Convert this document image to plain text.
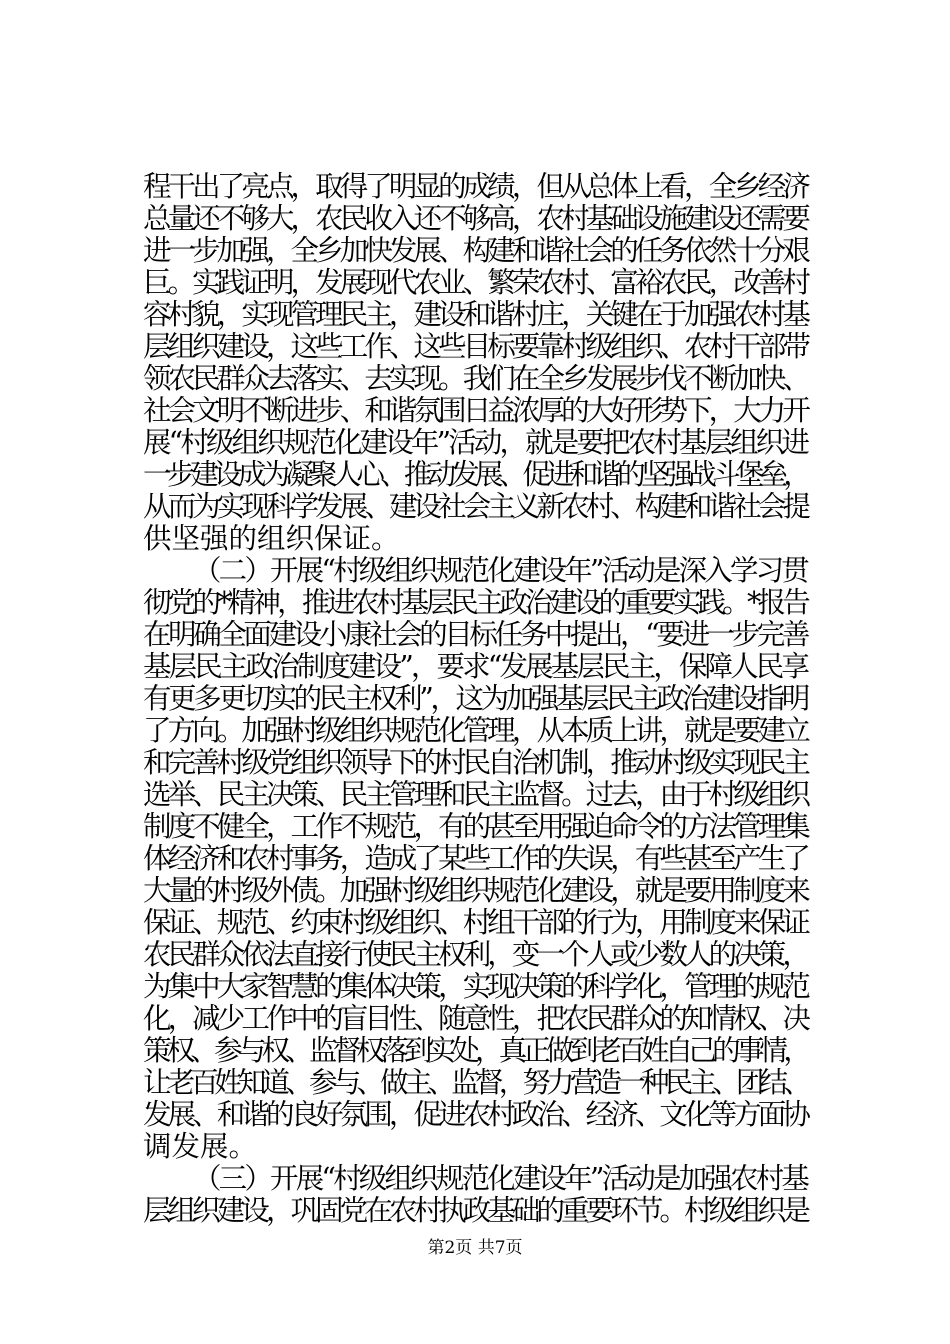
程干出了亮点，取得了明显的成绩，但从总体上看，全乡经济
总量还不够大，农民收入还不够高，农村基础设施建设还需要
进一步加强，全乡加快发展、构建和谐社会的任务依然十分艰
巨。实践证明，发展现代农业、繁荣农村、富裕农民，改善村
容村貌，实现管理民主，建设和谐村庄，关键在于加强农村基
层组织建设，这些工作、这些目标要靠村级组织、农村干部带
领农民群众去落实、去实现。我们在全乡发展步伐不断加快、
社会文明不断进步、和谐氛围日益浓厚的大好形势下，大力开
展“村级组织规范化建设年”活动，就是要把农村基层组织进
一步建设成为凝聚人心、推动发展、促进和谐的坚强战斗堡垒，
从而为实现科学发展、建设社会主义新农村、构建和谐社会提
供坚强的组织保证。
（二）开展“村级组织规范化建设年”活动是深入学习贯
彻党的*精神，推进农村基层民主政治建设的重要实践。*报告
在明确全面建设小康社会的目标任务中提出，“要进一步完善
基层民主政治制度建设”，要求“发展基层民主，保障人民享
有更多更切实的民主权利”，这为加强基层民主政治建设指明
了方向。加强村级组织规范化管理，从本质上讲，就是要建立
和完善村级党组织领导下的村民自治机制，推动村级实现民主
选举、民主决策、民主管理和民主监督。过去，由于村级组织
制度不健全，工作不规范，有的甚至用强迫命令的方法管理集
体经济和农村事务，造成了某些工作的失误，有些甚至产生了
大量的村级外债。加强村级组织规范化建设，就是要用制度来
保证、规范、约束村级组织、村组干部的行为，用制度来保证
农民群众依法直接行使民主权利，变一个人或少数人的决策，
为集中大家智慧的集体决策，实现决策的科学化，管理的规范
化，减少工作中的盲目性、随意性，把农民群众的知情权、决
策权、参与权、监督权落到实处，真正做到老百姓自己的事情，
让老百姓知道、参与、做主、监督，努力营造一种民主、团结、
发展、和谐的良好氛围，促进农村政治、经济、文化等方面协
调发展。
（三）开展“村级组织规范化建设年”活动是加强农村基
层组织建设，巩固党在农村执政基础的重要环节。村级组织是
第2页 共7页
